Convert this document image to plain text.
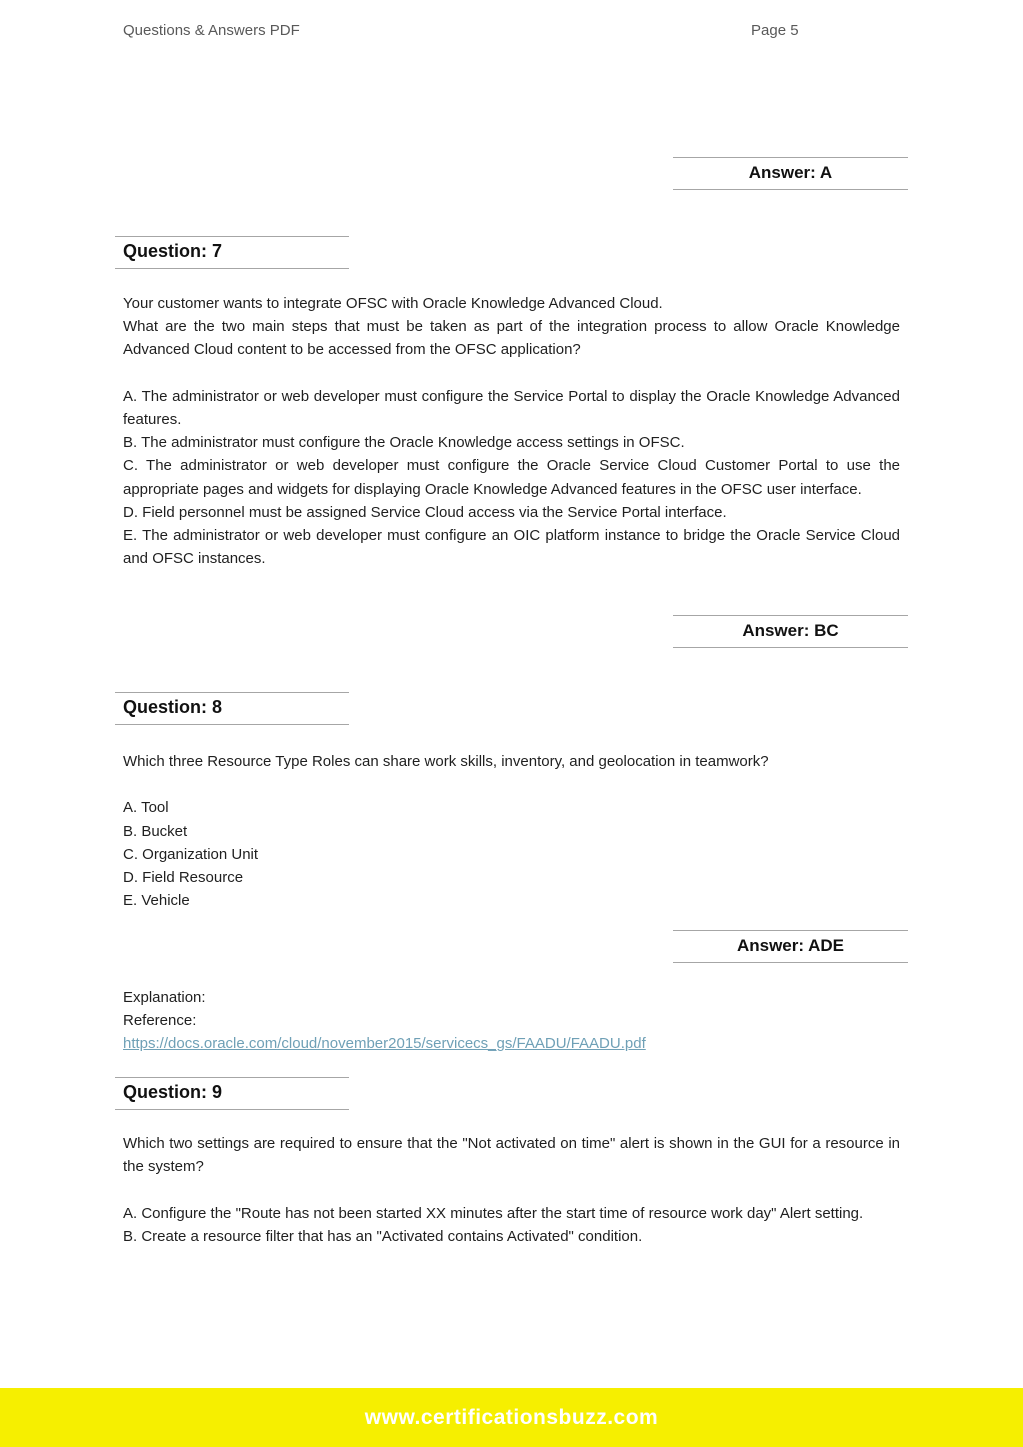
Questions & Answers PDF	Page 5
Answer: A
Question: 7

Your customer wants to integrate OFSC with Oracle Knowledge Advanced Cloud.

What are the two main steps that must be taken as part of the integration process to allow Oracle Knowledge Advanced Cloud content to be accessed from the OFSC application?

A. The administrator or web developer must configure the Service Portal to display the Oracle Knowledge Advanced features.

B. The administrator must configure the Oracle Knowledge access settings in OFSC.

C. The administrator or web developer must configure the Oracle Service Cloud Customer Portal to use the appropriate pages and widgets for displaying Oracle Knowledge Advanced features in the OFSC user interface.

D. Field personnel must be assigned Service Cloud access via the Service Portal interface.

E. The administrator or web developer must configure an OIC platform instance to bridge the Oracle Service Cloud and OFSC instances.

Answer: BC
Question: 8

Which three Resource Type Roles can share work skills, inventory, and geolocation in teamwork?

A. Tool

B. Bucket

C. Organization Unit

D. Field Resource

E. Vehicle

Answer: ADE

Explanation:

Reference:

https://docs.oracle.com/cloud/november2015/servicecs_gs/FAADU/FAADU.pdf

Question: 9

Which two settings are required to ensure that the "Not activated on time" alert is shown in the GUI for a resource in the system?

A. Configure the "Route has not been started XX minutes after the start time of resource work day" Alert setting.

B. Create a resource filter that has an "Activated contains Activated" condition.

www.certificationsbuzz.com
